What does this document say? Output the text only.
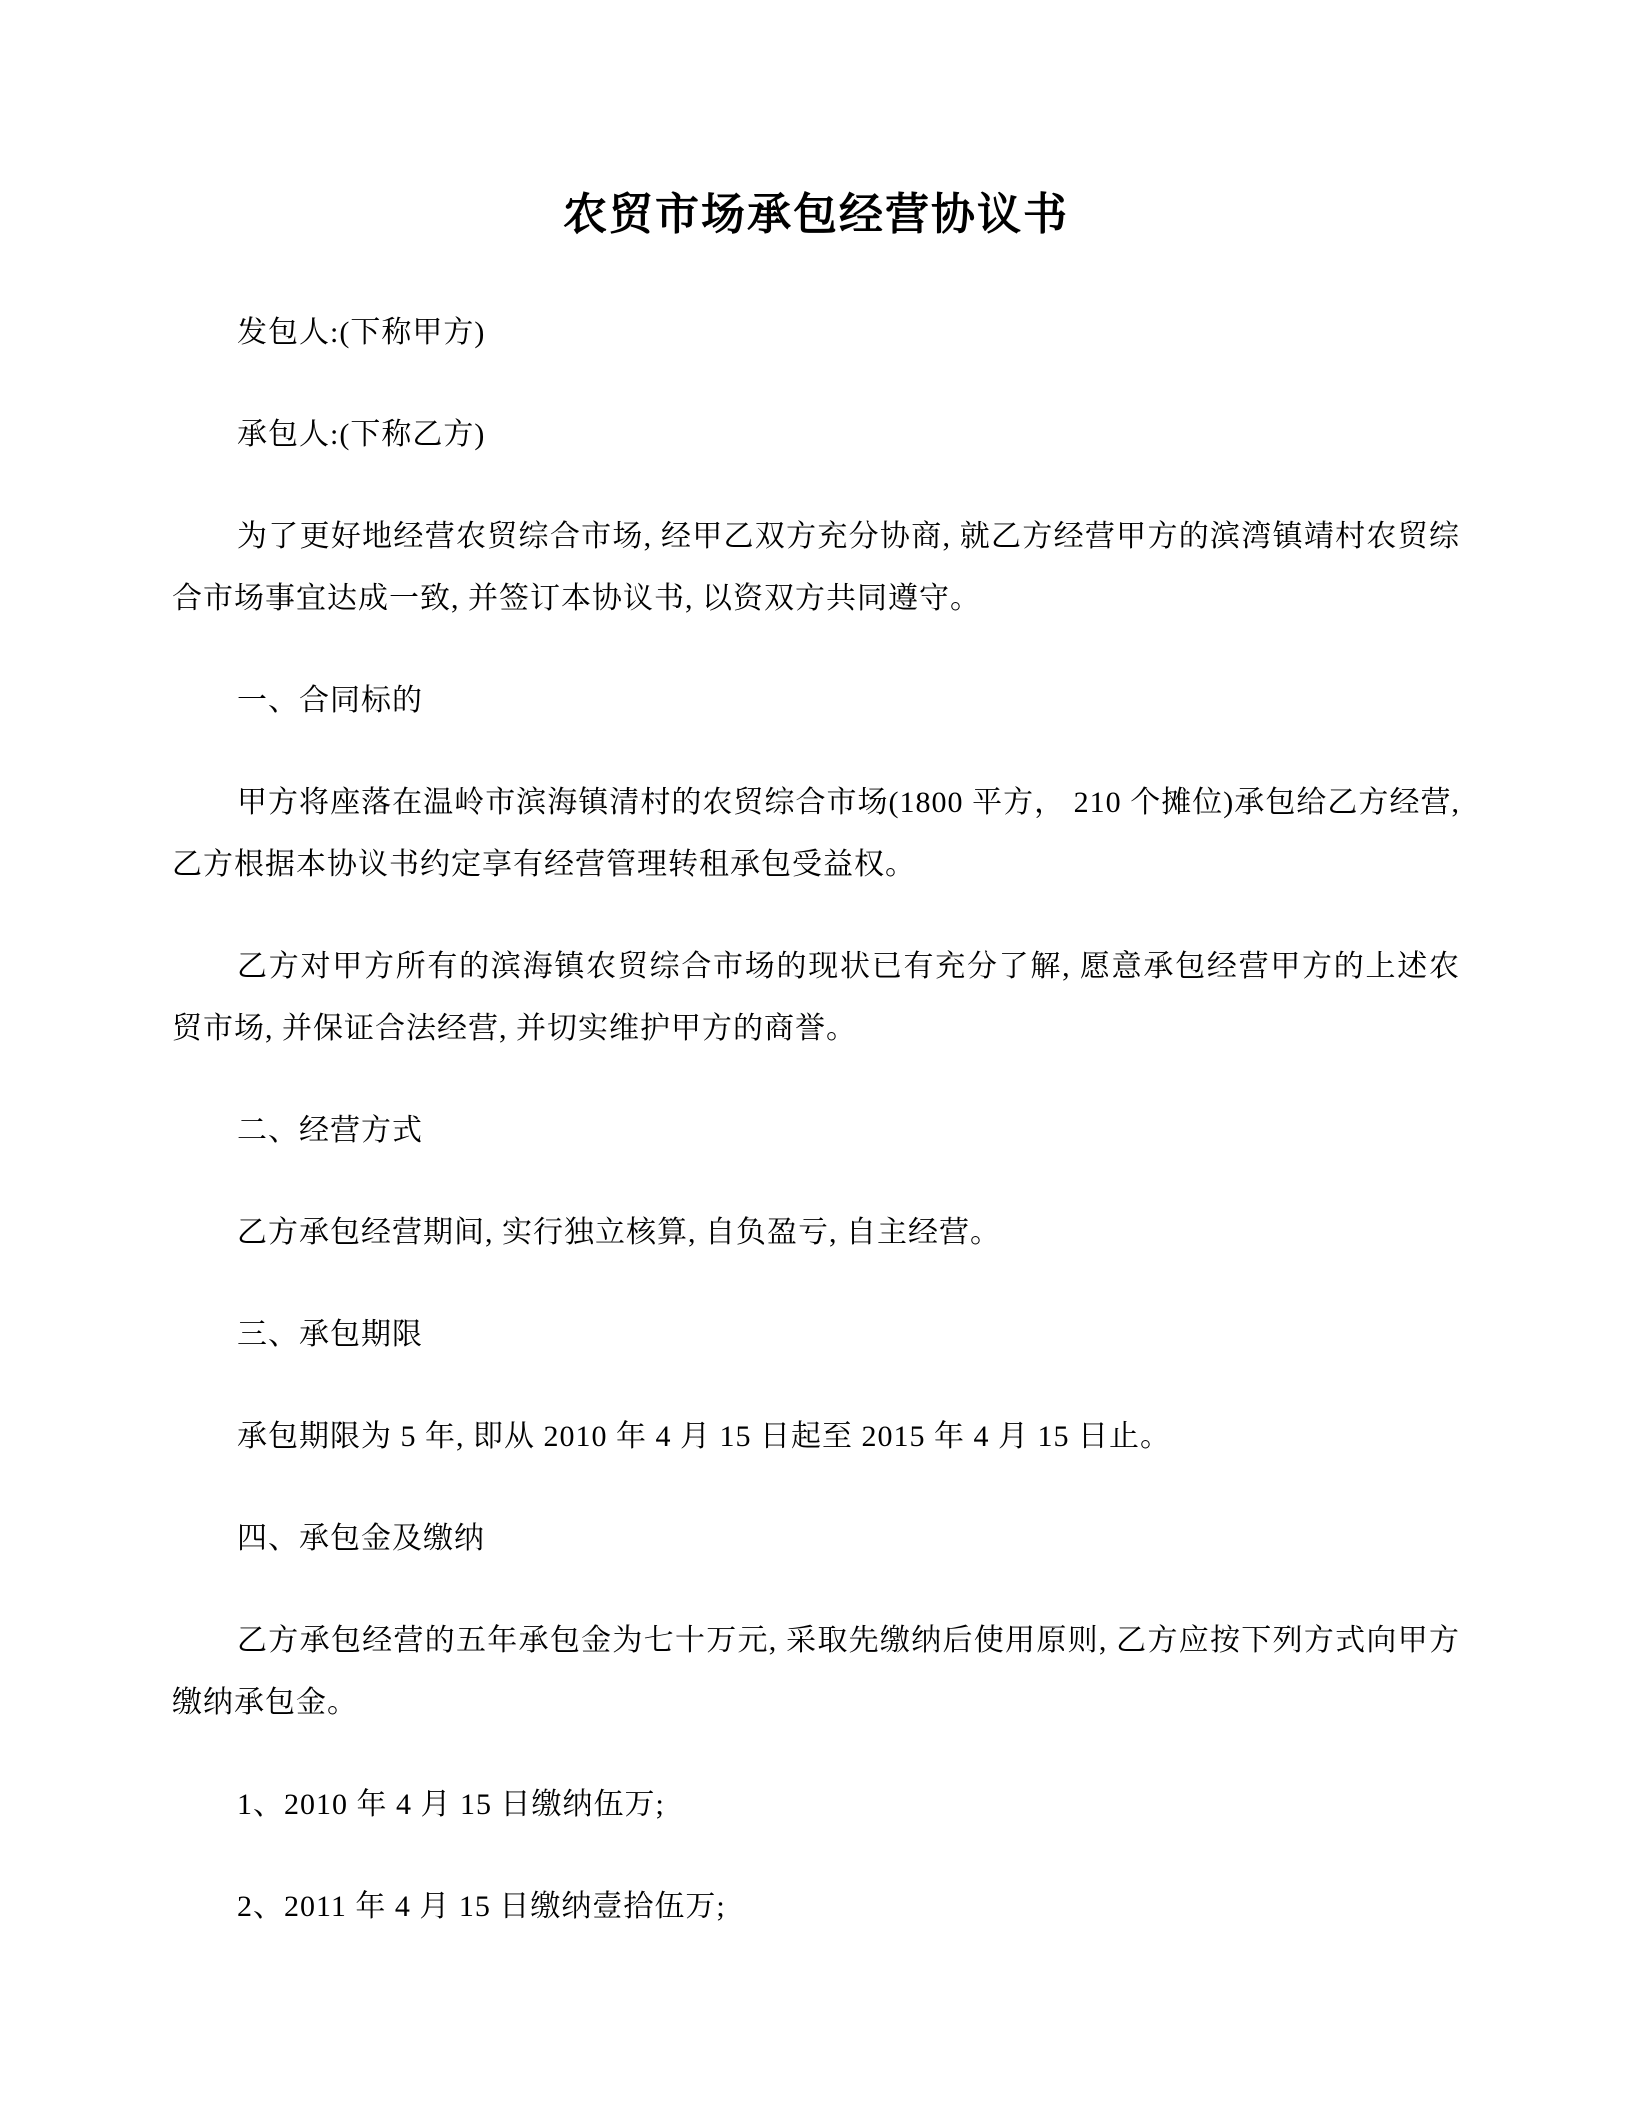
农贸市场承包经营协议书

发包人:(下称甲方)

承包人:(下称乙方)

为了更好地经营农贸综合市场, 经甲乙双方充分协商, 就乙方经营甲方的滨湾镇靖村农贸综合市场事宜达成一致, 并签订本协议书, 以资双方共同遵守。

一、合同标的

甲方将座落在温岭市滨海镇清村的农贸综合市场(1800 平方， 210 个摊位)承包给乙方经营, 乙方根据本协议书约定享有经营管理转租承包受益权。

乙方对甲方所有的滨海镇农贸综合市场的现状已有充分了解, 愿意承包经营甲方的上述农贸市场, 并保证合法经营, 并切实维护甲方的商誉。

二、经营方式

乙方承包经营期间, 实行独立核算, 自负盈亏, 自主经营。

三、承包期限

承包期限为 5 年, 即从 2010 年 4 月 15 日起至 2015 年 4 月 15 日止。

四、承包金及缴纳

乙方承包经营的五年承包金为七十万元, 采取先缴纳后使用原则, 乙方应按下列方式向甲方缴纳承包金。

1、2010 年 4 月 15 日缴纳伍万;

2、2011 年 4 月 15 日缴纳壹拾伍万;
